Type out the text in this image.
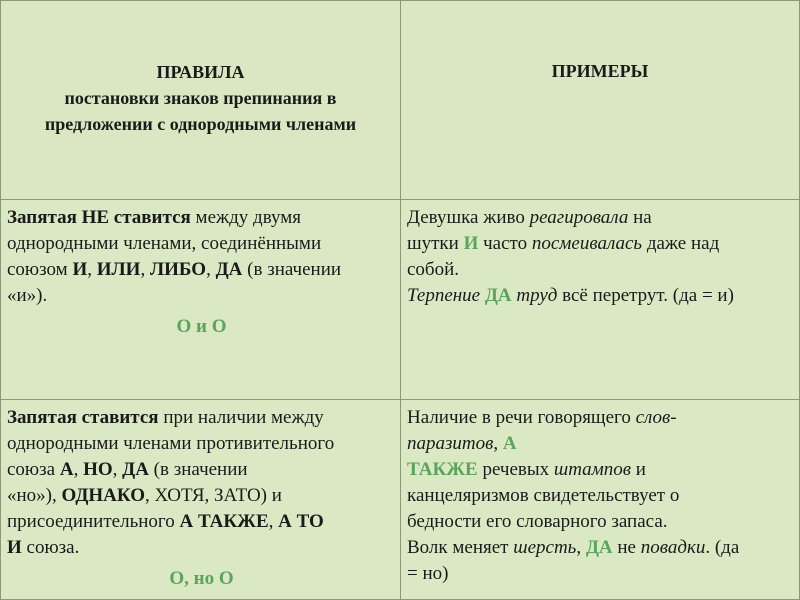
ПРАВИЛА
постановки знаков препинания в
предложении с однородными членами
ПРИМЕРЫ
Запятая НЕ ставится между двумя
однородными членами, соединёнными
союзом И, ИЛИ, ЛИБО, ДА (в значении
«и»).
О и О
Девушка живо реагировала на
шутки И часто посмеивалась даже над
собой.
Терпение ДА труд всё перетрут. (да = и)
Запятая ставится при наличии между
однородными членами противительного
союза А, НО, ДА (в значении
«но»), ОДНАКО, ХОТЯ, ЗАТО) и
присоединительного А ТАКЖЕ, А ТО
И союза.
О, но О
Наличие в речи говорящего слов-
паразитов, А
ТАКЖЕ речевых штампов и
канцеляризмов свидетельствует о
бедности его словарного запаса.
Волк меняет шерсть, ДА не повадки. (да
= но)
